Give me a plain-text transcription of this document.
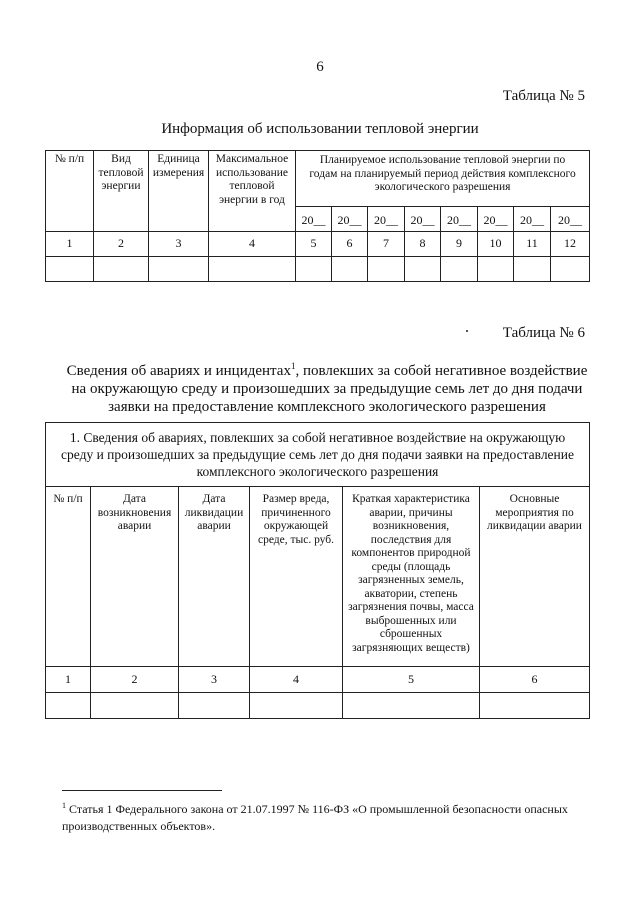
6
Таблица № 5
Информация об использовании тепловой энергии
№ п/п	Вид тепловой энергии	Единица измерения	Максимальное использование тепловой энергии в год	Планируемое использование тепловой энергии по годам на планируемый период действия комплексного экологического разрешения							
				20__	20__	20__	20__	20__	20__	20__	20__
1	2	3	4	5	6	7	8	9	10	11	12

Таблица № 6
Сведения об авариях и инцидентах$^1$, повлекших за собой негативное воздействие на окружающую среду и произошедших за предыдущие семь лет до дня подачи заявки на предоставление комплексного экологического разрешения
1. Сведения об авариях, повлекших за собой негативное воздействие на окружающую среду и произошедших за предыдущие семь лет до дня подачи заявки на предоставление комплексного экологического разрешения					
№ п/п	Дата возникновения аварии	Дата ликвидации аварии	Размер вреда, причиненного окружающей среде, тыс. руб.	Краткая характеристика аварии, причины возникновения, последствия для компонентов природной среды (площадь загрязненных земель, акватории, степень загрязнения почвы, масса выброшенных или сброшенных загрязняющих веществ)	Основные мероприятия по ликвидации аварии
1	2	3	4	5	6

$^1$ Статья 1 Федерального закона от 21.07.1997 № 116-ФЗ «О промышленной безопасности опасных производственных объектов».
